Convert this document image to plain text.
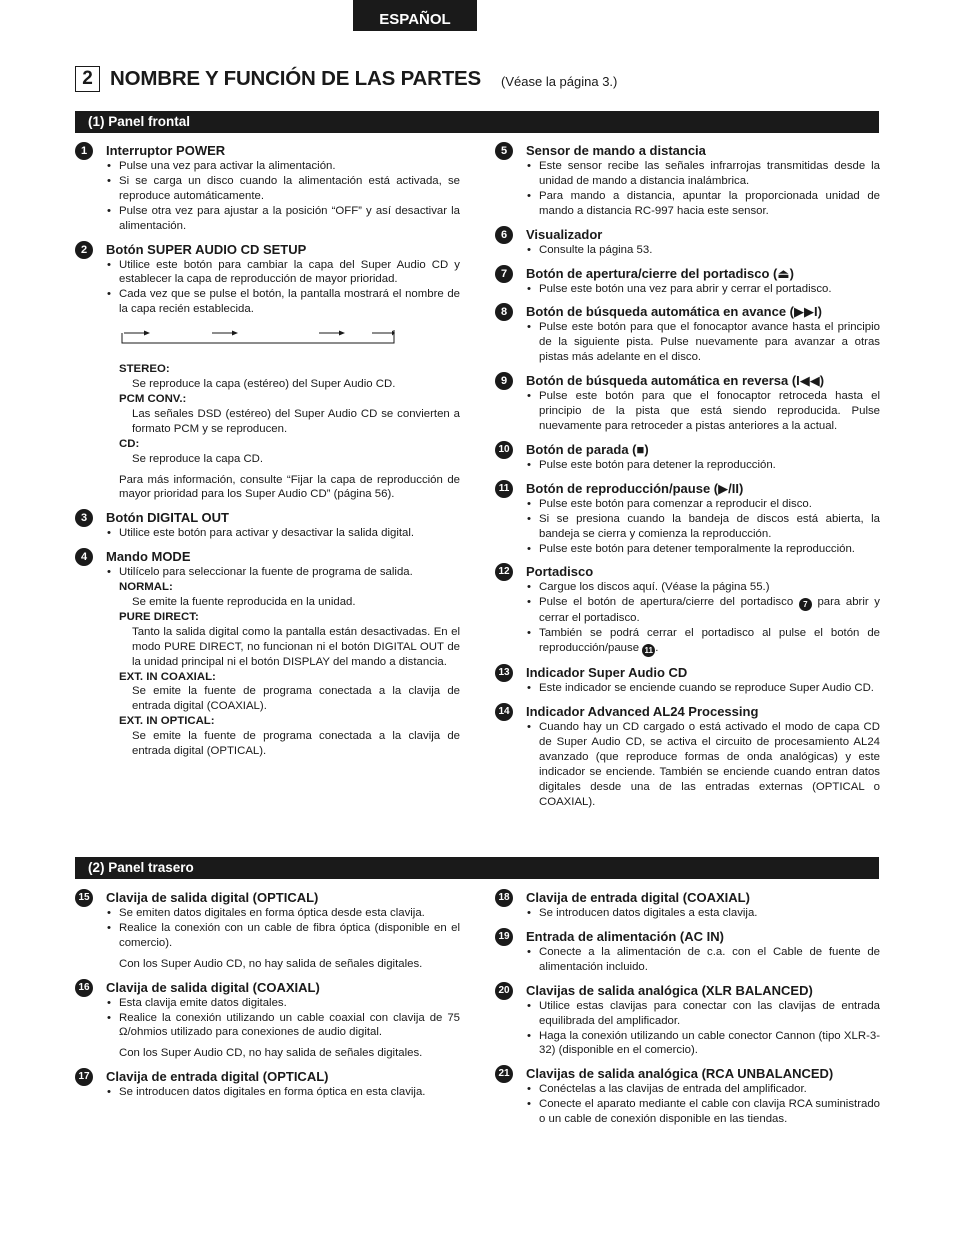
ESPAÑOL
2 NOMBRE Y FUNCIÓN DE LAS PARTES (Véase la página 3.)
(1) Panel frontal
1	Interruptor POWER
• Pulse una vez para activar la alimentación.
• Si se carga un disco cuando la alimentación está activada, se reproduce automáticamente.
• Pulse otra vez para ajustar a la posición “OFF” y así desactivar la alimentación.
2	Botón SUPER AUDIO CD SETUP
• Utilice este botón para cambiar la capa del Super Audio CD y establecer la capa de reproducción de mayor prioridad.
• Cada vez que se pulse el botón, la pantalla mostrará el nombre de la capa recién establecida.
STEREO:
Se reproduce la capa (estéreo) del Super Audio CD.
PCM CONV.:
Las señales DSD (estéreo) del Super Audio CD se convierten a formato PCM y se reproducen.
CD:
Se reproduce la capa CD.
Para más información, consulte “Fijar la capa de reproducción de mayor prioridad para los Super Audio CD” (página 56).
3	Botón DIGITAL OUT
• Utilice este botón para activar y desactivar la salida digital.
4	Mando MODE
• Utilícelo para seleccionar la fuente de programa de salida.
NORMAL:
Se emite la fuente reproducida en la unidad.
PURE DIRECT:
Tanto la salida digital como la pantalla están desactivadas. En el modo PURE DIRECT, no funcionan ni el botón DIGITAL OUT de la unidad principal ni el botón DISPLAY del mando a distancia.
EXT. IN COAXIAL:
Se emite la fuente de programa conectada a la clavija de entrada digital (COAXIAL).
EXT. IN OPTICAL:
Se emite la fuente de programa conectada a la clavija de entrada digital (OPTICAL).
5	Sensor de mando a distancia
• Este sensor recibe las señales infrarrojas transmitidas desde la unidad de mando a distancia inalámbrica.
• Para mando a distancia, apuntar la proporcionada unidad de mando a distancia RC-997 hacia este sensor.
6	Visualizador
• Consulte la página 53.
7	Botón de apertura/cierre del portadisco (⏏)
• Pulse este botón una vez para abrir y cerrar el portadisco.
8	Botón de búsqueda automática en avance (▶▶I)
• Pulse este botón para que el fonocaptor avance hasta el principio de la siguiente pista. Pulse nuevamente para avanzar a otras pistas más adelante en el disco.
9	Botón de búsqueda automática en reversa (I◀◀)
• Pulse este botón para que el fonocaptor retroceda hasta el principio de la pista que está siendo reproducida. Pulse nuevamente para retroceder a pistas anteriores a la actual.
10 Botón de parada (■)
• Pulse este botón para detener la reproducción.
11 Botón de reproducción/pause (▶/II)
• Pulse este botón para comenzar a reproducir el disco.
• Si se presiona cuando la bandeja de discos está abierta, la bandeja se cierra y comienza la reproducción.
• Pulse este botón para detener temporalmente la reproducción.
12 Portadisco
• Cargue los discos aquí. (Véase la página 55.)
• Pulse el botón de apertura/cierre del portadisco 7 para abrir y cerrar el portadisco.
• También se podrá cerrar el portadisco al pulse el botón de reproducción/pause 11 .
13 Indicador Super Audio CD
• Este indicador se enciende cuando se reproduce Super Audio CD.
14 Indicador Advanced AL24 Processing
• Cuando hay un CD cargado o está activado el modo de capa CD de Super Audio CD, se activa el circuito de procesamiento AL24 avanzado (que reproduce formas de onda analógicas) y este indicador se enciende. También se enciende cuando entran datos digitales desde una de las entradas externas (OPTICAL o COAXIAL).
(2) Panel trasero
15 Clavija de salida digital (OPTICAL)
• Se emiten datos digitales en forma óptica desde esta clavija.
• Realice la conexión con un cable de fibra óptica (disponible en el comercio).
Con los Super Audio CD, no hay salida de señales digitales.
16 Clavija de salida digital (COAXIAL)
• Esta clavija emite datos digitales.
• Realice la conexión utilizando un cable coaxial con clavija de 75 Ω/ohmios utilizado para conexiones de audio digital.
Con los Super Audio CD, no hay salida de señales digitales.
17 Clavija de entrada digital (OPTICAL)
• Se introducen datos digitales en forma óptica en esta clavija.
18 Clavija de entrada digital (COAXIAL)
• Se introducen datos digitales a esta clavija.
19 Entrada de alimentación (AC IN)
• Conecte a la alimentación de c.a. con el Cable de fuente de alimentación incluido.
20 Clavijas de salida analógica (XLR BALANCED)
• Utilice estas clavijas para conectar con las clavijas de entrada equilibrada del amplificador.
• Haga la conexión utilizando un cable conector Cannon (tipo XLR-3-32) (disponible en el comercio).
21 Clavijas de salida analógica (RCA UNBALANCED)
• Conéctelas a las clavijas de entrada del amplificador.
• Conecte el aparato mediante el cable con clavija RCA suministrado o un cable de conexión disponible en las tiendas.
